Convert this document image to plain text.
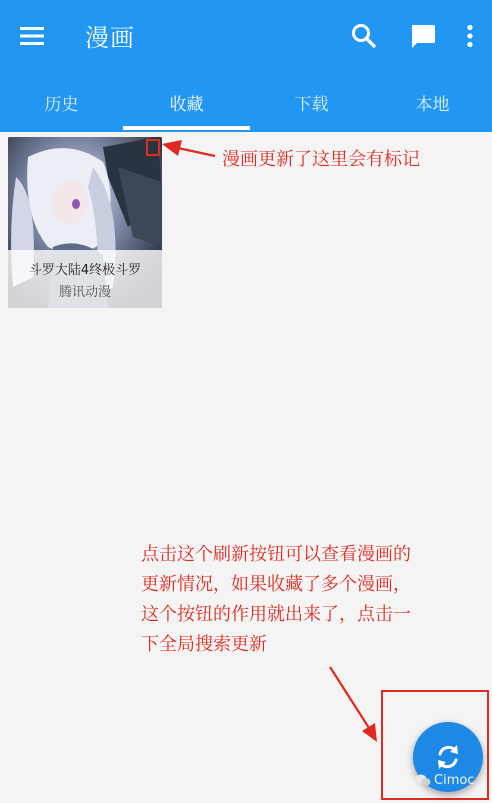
漫画
历史	收藏	下载	本地
斗罗大陆4终极斗罗
腾讯动漫
漫画更新了这里会有标记
点击这个刷新按钮可以查看漫画的
更新情况，如果收藏了多个漫画，
这个按钮的作用就出来了，点击一
下全局搜索更新
Cimoc
